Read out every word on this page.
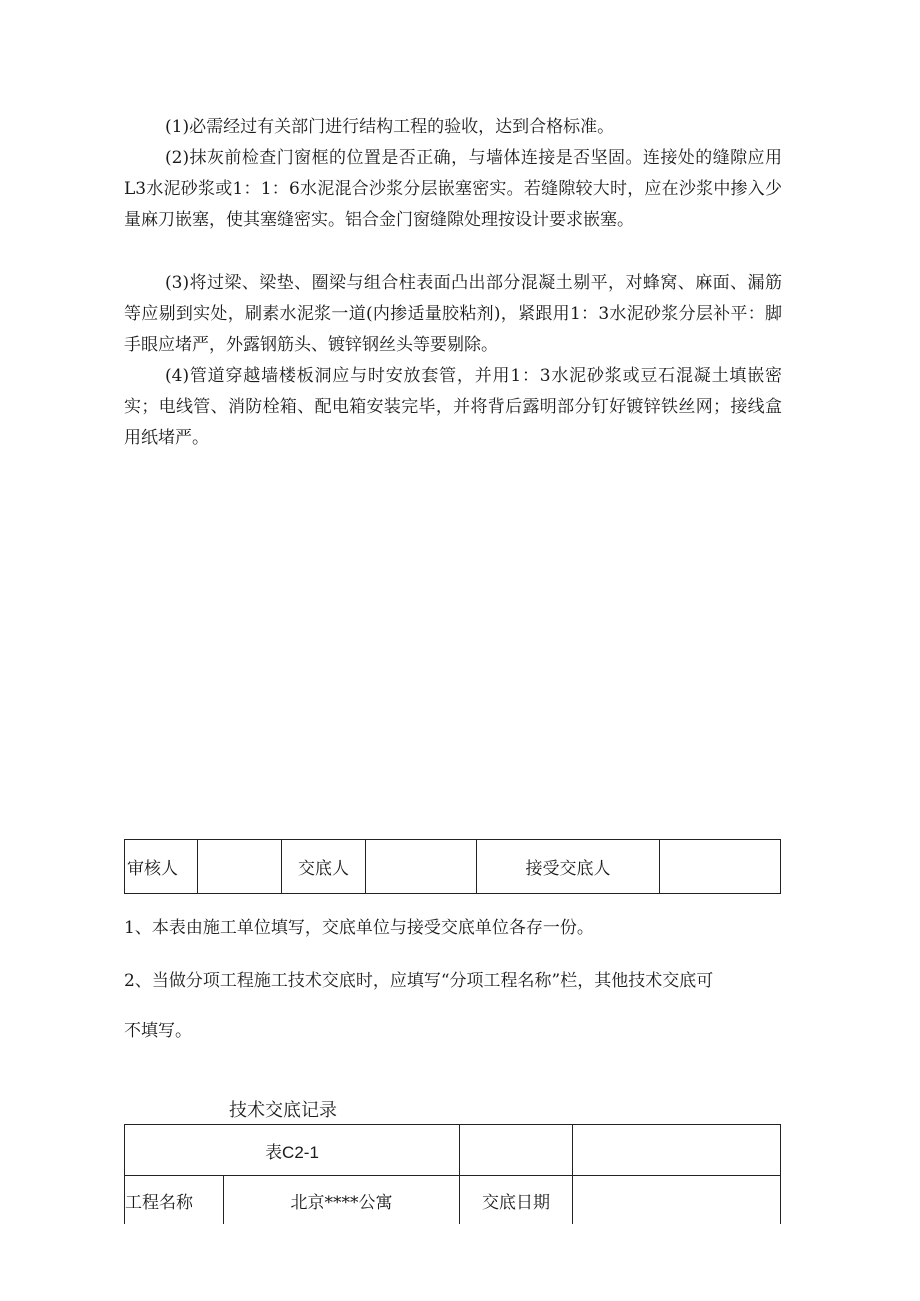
(1)必需经过有关部门进行结构工程的验收，达到合格标准。

(2)抹灰前检查门窗框的位置是否正确，与墙体连接是否坚固。连接处的缝隙应用L3水泥砂浆或1：1：6水泥混合沙浆分层嵌塞密实。若缝隙较大时，应在沙浆中掺入少量麻刀嵌塞，使其塞缝密实。铝合金门窗缝隙处理按设计要求嵌塞。

(3)将过梁、梁垫、圈梁与组合柱表面凸出部分混凝土剔平，对蜂窝、麻面、漏筋等应剔到实处，刷素水泥浆一道(内掺适量胶粘剂)，紧跟用1：3水泥砂浆分层补平：脚手眼应堵严，外露钢筋头、镀锌钢丝头等要剔除。

(4)管道穿越墙楼板洞应与时安放套管，并用1：3水泥砂浆或豆石混凝土填嵌密实；电线管、消防栓箱、配电箱安装完毕，并将背后露明部分钉好镀锌铁丝网；接线盒用纸堵严。

审核人		交底人		接受交底人	

1、本表由施工单位填写，交底单位与接受交底单位各存一份。

2、当做分项工程施工技术交底时，应填写“分项工程名称”栏，其他技术交底可

不填写。

技术交底记录

表C2-1			
工程名称	北京****公寓	交底日期	
